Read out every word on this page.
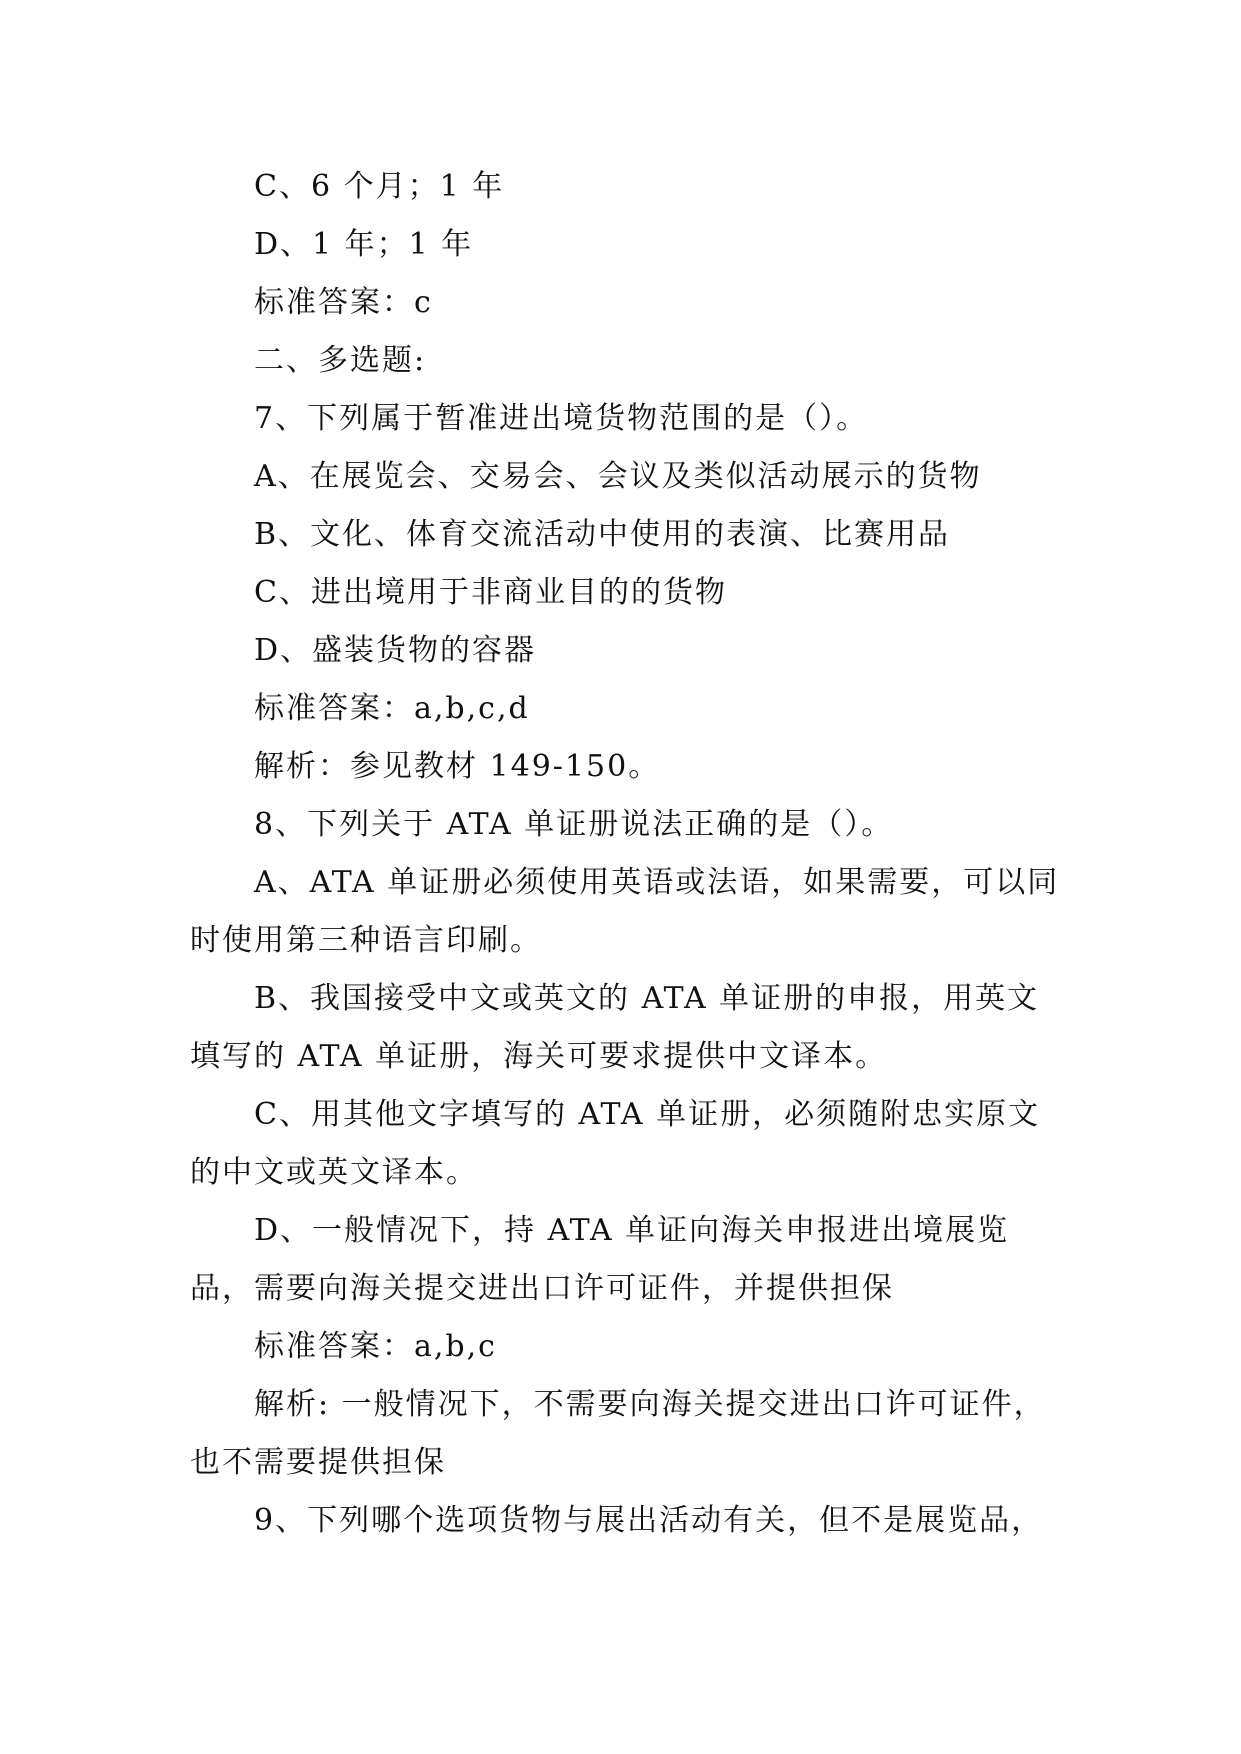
C、6 个月；1 年

D、1 年；1 年

标准答案：c

二、多选题:

7、下列属于暂准进出境货物范围的是（）。

A、在展览会、交易会、会议及类似活动展示的货物

B、文化、体育交流活动中使用的表演、比赛用品

C、进出境用于非商业目的的货物

D、盛装货物的容器

标准答案：a,b,c,d

解析：参见教材 149-150。

8、下列关于 ATA 单证册说法正确的是（）。

A、ATA 单证册必须使用英语或法语，如果需要，可以同时使用第三种语言印刷。

B、我国接受中文或英文的 ATA 单证册的申报，用英文填写的 ATA 单证册，海关可要求提供中文译本。

C、用其他文字填写的 ATA 单证册，必须随附忠实原文的中文或英文译本。

D、一般情况下，持 ATA 单证向海关申报进出境展览品，需要向海关提交进出口许可证件，并提供担保

标准答案：a,b,c

解析: 一般情况下，不需要向海关提交进出口许可证件，也不需要提供担保

9、下列哪个选项货物与展出活动有关，但不是展览品，
